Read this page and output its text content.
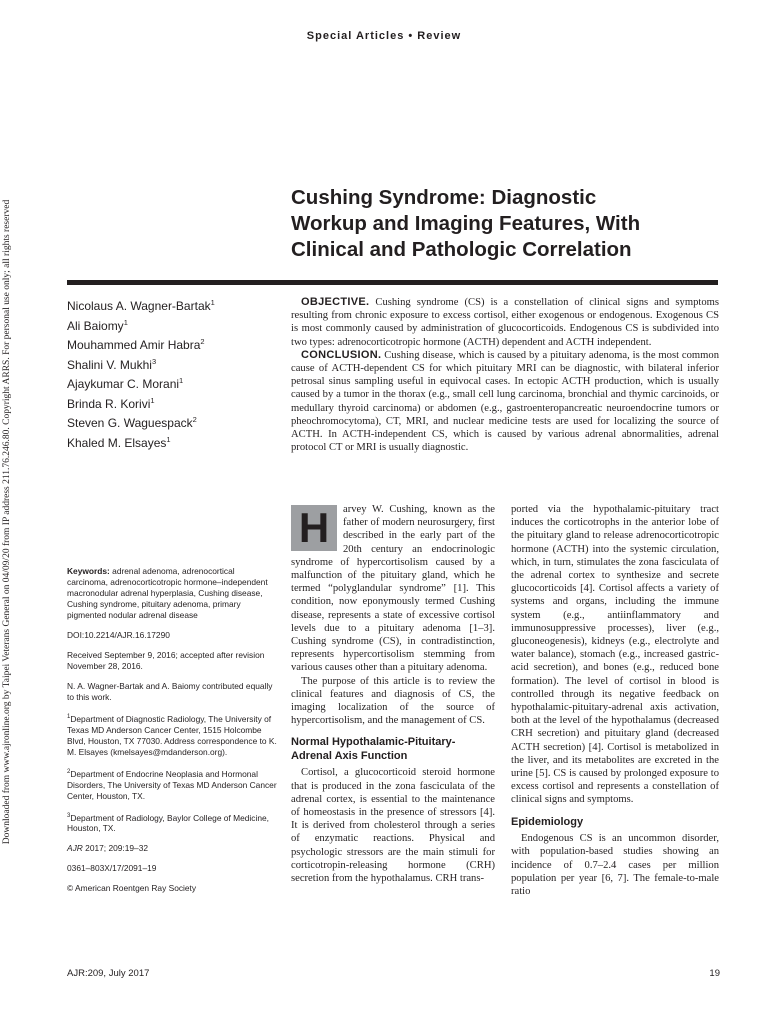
Special Articles • Review
Downloaded from www.ajronline.org by Taipei Veterans General on 04/09/20 from IP address 211.76.246.80. Copyright ARRS. For personal use only; all rights reserved
Cushing Syndrome: Diagnostic
Workup and Imaging Features, With
Clinical and Pathologic Correlation
Nicolaus A. Wagner-Bartak$^1$
Ali Baiomy$^1$
Mouhammed Amir Habra$^2$
Shalini V. Mukhi$^3$
Ajaykumar C. Morani$^1$
Brinda R. Korivi$^1$
Steven G. Waguespack$^2$
Khaled M. Elsayes$^1$

OBJECTIVE. Cushing syndrome (CS) is a constellation of clinical signs and symptoms resulting from chronic exposure to excess cortisol, either exogenous or endogenous. Exogenous CS is most commonly caused by administration of glucocorticoids. Endogenous CS is subdivided into two types: adrenocorticotropic hormone (ACTH) dependent and ACTH independent.

CONCLUSION. Cushing disease, which is caused by a pituitary adenoma, is the most common cause of ACTH-dependent CS for which pituitary MRI can be diagnostic, with bilateral inferior petrosal sinus sampling useful in equivocal cases. In ectopic ACTH production, which is usually caused by a tumor in the thorax (e.g., small cell lung carcinoma, bronchial and thymic carcinoids, or medullary thyroid carcinoma) or abdomen (e.g., gastroenteropancreatic neuroendocrine tumors or pheochromocytoma), CT, MRI, and nuclear medicine tests are used for localizing the source of ACTH. In ACTH-independent CS, which is caused by various adrenal abnormalities, adrenal protocol CT or MRI is usually diagnostic.

Keywords: adrenal adenoma, adrenocortical carcinoma, adrenocorticotropic hormone–independent macronodular adrenal hyperplasia, Cushing disease, Cushing syndrome, pituitary adenoma, primary pigmented nodular adrenal disease

DOI:10.2214/AJR.16.17290

Received September 9, 2016; accepted after revision November 28, 2016.

N. A. Wagner-Bartak and A. Baiomy contributed equally to this work.

$^1$Department of Diagnostic Radiology, The University of Texas MD Anderson Cancer Center, 1515 Holcombe Blvd, Houston, TX 77030. Address correspondence to K. M. Elsayes (kmelsayes@mdanderson.org).

$^2$Department of Endocrine Neoplasia and Hormonal Disorders, The University of Texas MD Anderson Cancer Center, Houston, TX.

$^3$Department of Radiology, Baylor College of Medicine, Houston, TX.

AJR 2017; 209:19–32

0361–803X/17/2091–19

© American Roentgen Ray Society

H	arvey W. Cushing, known as the father of modern neurosurgery, first described in the early part of the 20th century an endocrinologic syndrome of hypercortisolism caused by a malfunction of the pituitary gland, which he termed “polyglandular syndrome” [1]. This condition, now eponymously termed Cushing disease, represents a state of excessive cortisol levels due to a pituitary adenoma [1–3]. Cushing syndrome (CS), in contradistinction, represents hypercortisolism stemming from various causes other than a pituitary adenoma.

The purpose of this article is to review the clinical features and diagnosis of CS, the imaging localization of the source of hypercortisolism, and the management of CS.

Normal Hypothalamic-Pituitary-Adrenal Axis Function

Cortisol, a glucocorticoid steroid hormone that is produced in the zona fasciculata of the adrenal cortex, is essential to the maintenance of homeostasis in the presence of stressors [4]. It is derived from cholesterol through a series of enzymatic reactions. Physical and psychologic stressors are the main stimuli for corticotropin-releasing hormone (CRH) secretion from the hypothalamus. CRH trans-

ported via the hypothalamic-pituitary tract induces the corticotrophs in the anterior lobe of the pituitary gland to release adrenocorticotropic hormone (ACTH) into the systemic circulation, which, in turn, stimulates the zona fasciculata of the adrenal cortex to synthesize and secrete glucocorticoids [4]. Cortisol affects a variety of systems and organs, including the immune system (e.g., antiinflammatory and immunosuppressive processes), liver (e.g., gluconeogenesis), kidneys (e.g., electrolyte and water balance), stomach (e.g., increased gastric-acid secretion), and bones (e.g., reduced bone formation). The level of cortisol in blood is controlled through its negative feedback on hypothalamic-pituitary-adrenal axis activation, both at the level of the hypothalamus (decreased CRH secretion) and pituitary gland (decreased ACTH secretion) [4]. Cortisol is metabolized in the liver, and its metabolites are excreted in the urine [5]. CS is caused by prolonged exposure to excess cortisol and represents a constellation of clinical signs and symptoms.

Epidemiology

Endogenous CS is an uncommon disorder, with population-based studies showing an incidence of 0.7–2.4 cases per million population per year [6, 7]. The female-to-male ratio

AJR:209, July 2017	19
